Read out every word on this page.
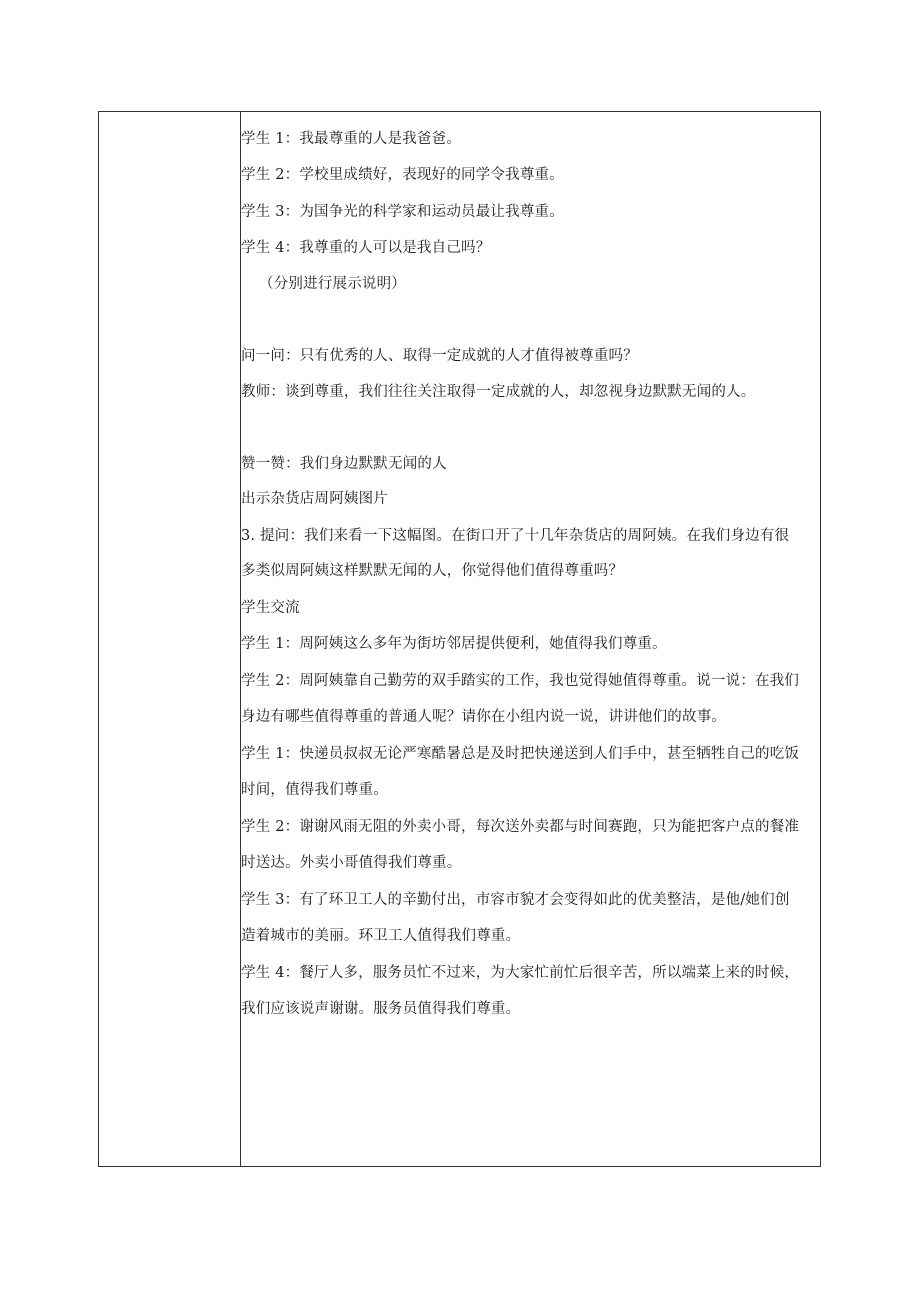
学生 1：我最尊重的人是我爸爸。
学生 2：学校里成绩好，表现好的同学令我尊重。
学生 3：为国争光的科学家和运动员最让我尊重。
学生 4：我尊重的人可以是我自己吗？
（分别进行展示说明）
问一问：只有优秀的人、取得一定成就的人才值得被尊重吗？
教师：谈到尊重，我们往往关注取得一定成就的人，却忽视身边默默无闻的人。
赞一赞：我们身边默默无闻的人
出示杂货店周阿姨图片
3. 提问：我们来看一下这幅图。在街口开了十几年杂货店的周阿姨。在我们身边有很
多类似周阿姨这样默默无闻的人，你觉得他们值得尊重吗？
学生交流
学生 1：周阿姨这么多年为街坊邻居提供便利，她值得我们尊重。
学生 2：周阿姨靠自己勤劳的双手踏实的工作，我也觉得她值得尊重。说一说：在我们
身边有哪些值得尊重的普通人呢？请你在小组内说一说，讲讲他们的故事。
学生 1：快递员叔叔无论严寒酷暑总是及时把快递送到人们手中，甚至牺牲自己的吃饭
时间，值得我们尊重。
学生 2：谢谢风雨无阻的外卖小哥，每次送外卖都与时间赛跑，只为能把客户点的餐准
时送达。外卖小哥值得我们尊重。
学生 3：有了环卫工人的辛勤付出，市容市貌才会变得如此的优美整洁，是他/她们创
造着城市的美丽。环卫工人值得我们尊重。
学生 4：餐厅人多，服务员忙不过来，为大家忙前忙后很辛苦，所以端菜上来的时候，
我们应该说声谢谢。服务员值得我们尊重。
